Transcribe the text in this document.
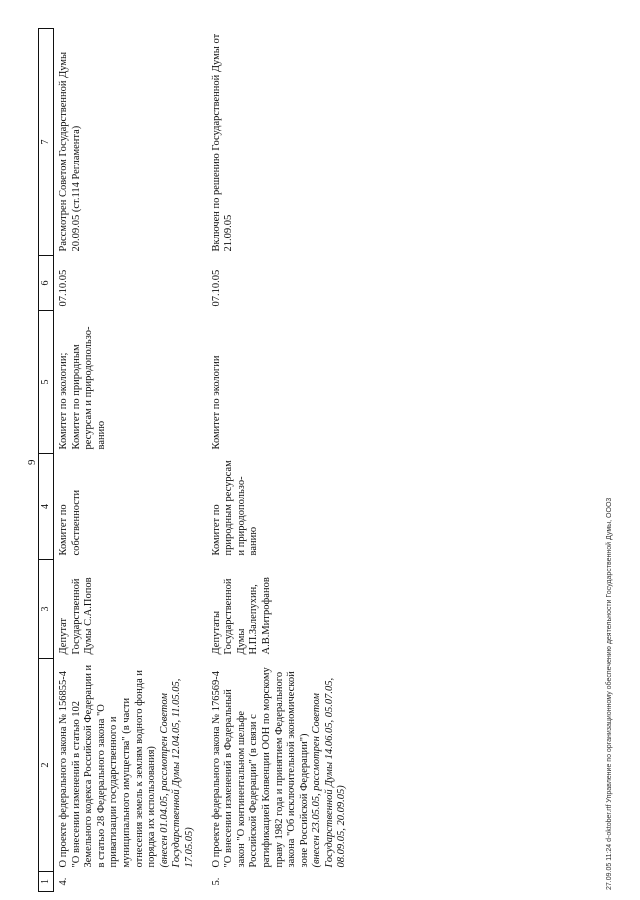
9
1	2	3	4	5	6	7
4.	О проекте федерального закона № 156855-4 "О внесении изменений в статью 102 Земельного кодекса Российской Федерации и в статью 28 Федерального закона "О приватизации государственного и муниципального имущества" (в части отнесения земель к землям водного фонда и порядка их использования) (внесен 01.04.05, рассмотрен Советом Государственной Думы 12.04.05, 11.05.05, 17.05.05)	Депутат Государственной Думы С.А.Попов	Комитет по собственности	Комитет по экологии; Комитет по природным ресурсам и природопользо-ванию	07.10.05	Рассмотрен Советом Государственной Думы 20.09.05 (ст.114 Регламента)
5.	О проекте федерального закона № 176569-4 "О внесении изменений в Федеральный закон "О континентальном шельфе Российской Федерации" (в связи с ратификацией Конвенции ООН по морскому праву 1982 года и принятием Федерального закона "Об исключительной экономической зоне Российской Федерации") (внесен 23.05.05, рассмотрен Советом Государственной Думы 14.06.05, 05.07.05, 08.09.05, 20.09.05)	Депутаты Государственной Думы Н.П.Залепухин, А.В.Митрофанов	Комитет по природным ресурсам и природопользо-ванию	Комитет по экологии	07.10.05	Включен по решению Государственной Думы от 21.09.05
27.09.05 11:24 d-oktober.rtf Управление по организационному обеспечению деятельности Государственной Думы, ООО3
